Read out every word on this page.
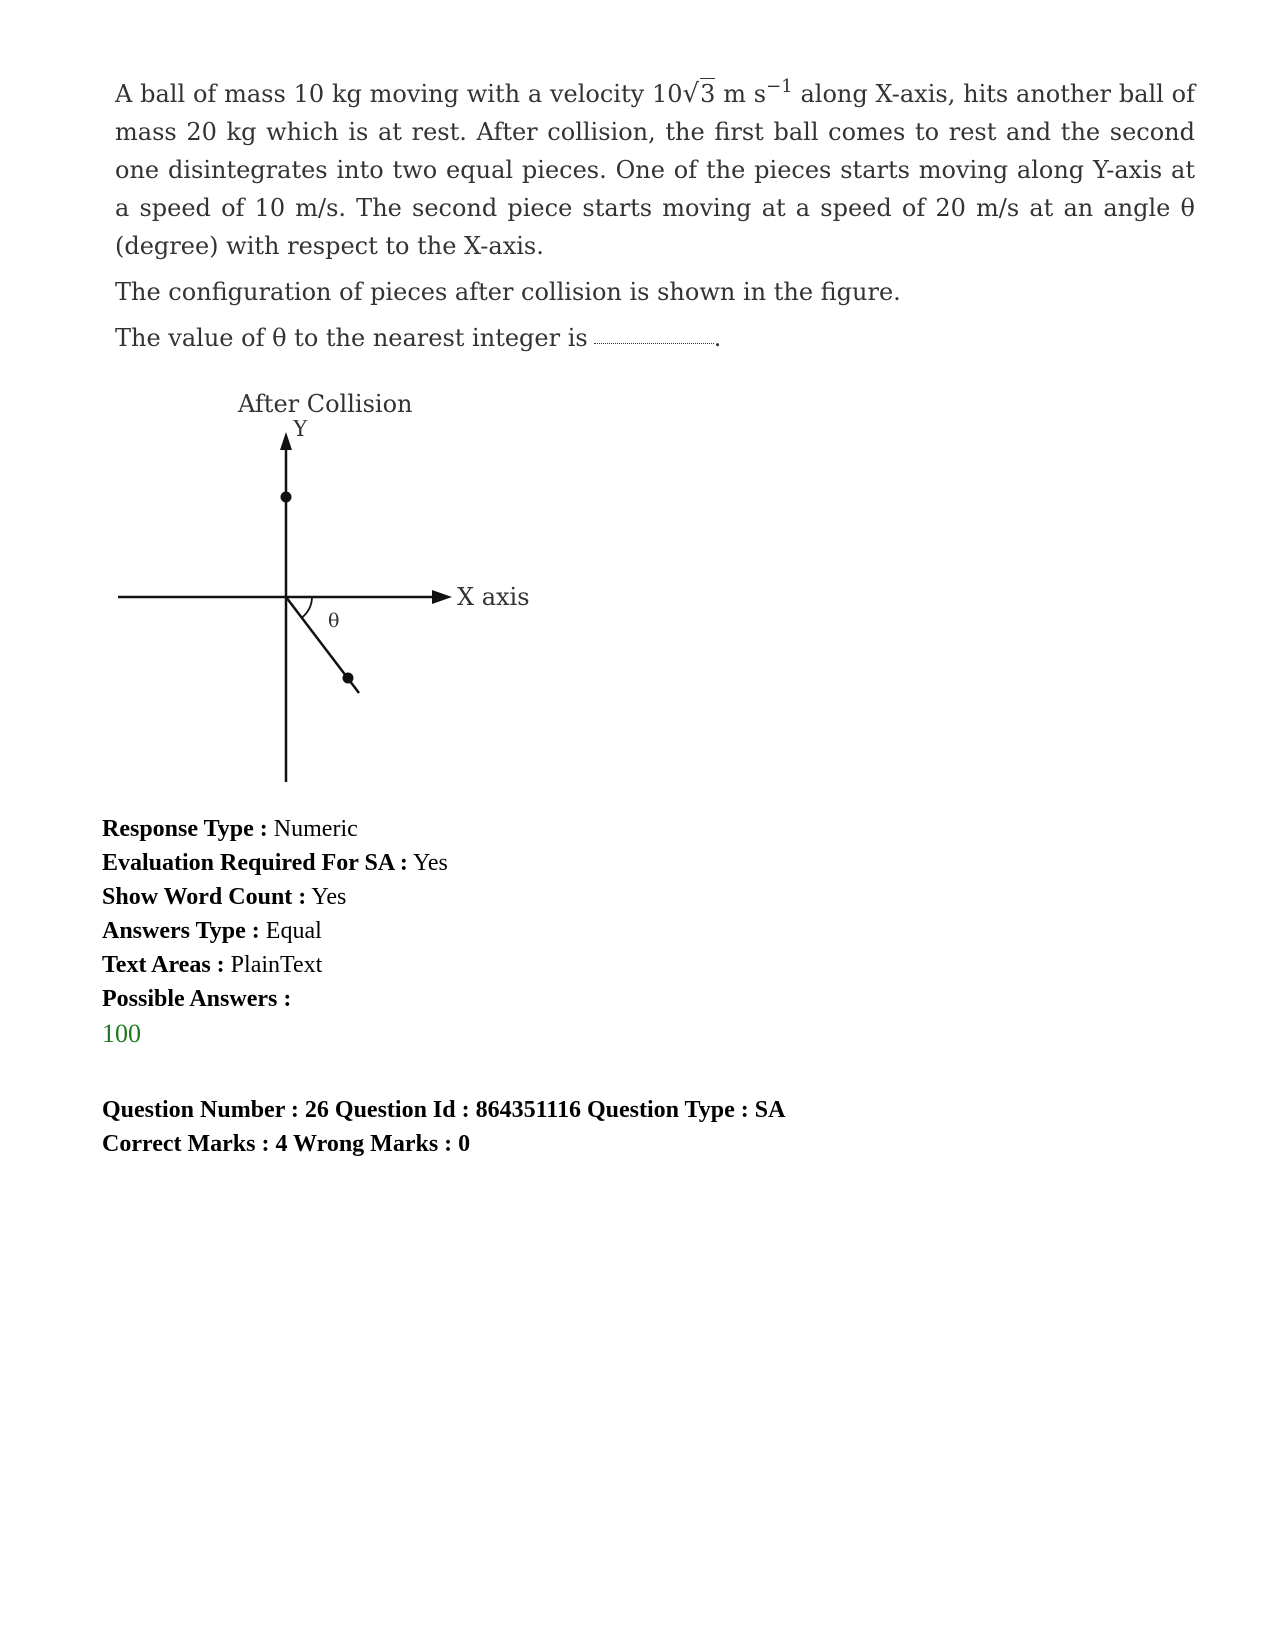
A ball of mass 10 kg moving with a velocity 10√3 m $s^{-1}$ along X-axis, hits another ball of mass 20 kg which is at rest. After collision, the first ball comes to rest and the second one disintegrates into two equal pieces. One of the pieces starts moving along Y-axis at a speed of 10 m/s. The second piece starts moving at a speed of 20 m/s at an angle θ (degree) with respect to the X-axis.

The configuration of pieces after collision is shown in the figure.

The value of θ to the nearest integer is	.

After Collision
Y
X axis
θ
Response Type : Numeric
Evaluation Required For SA : Yes
Show Word Count : Yes
Answers Type : Equal
Text Areas : PlainText
Possible Answers :
100
Question Number : 26 Question Id : 864351116 Question Type : SA
Correct Marks : 4 Wrong Marks : 0
